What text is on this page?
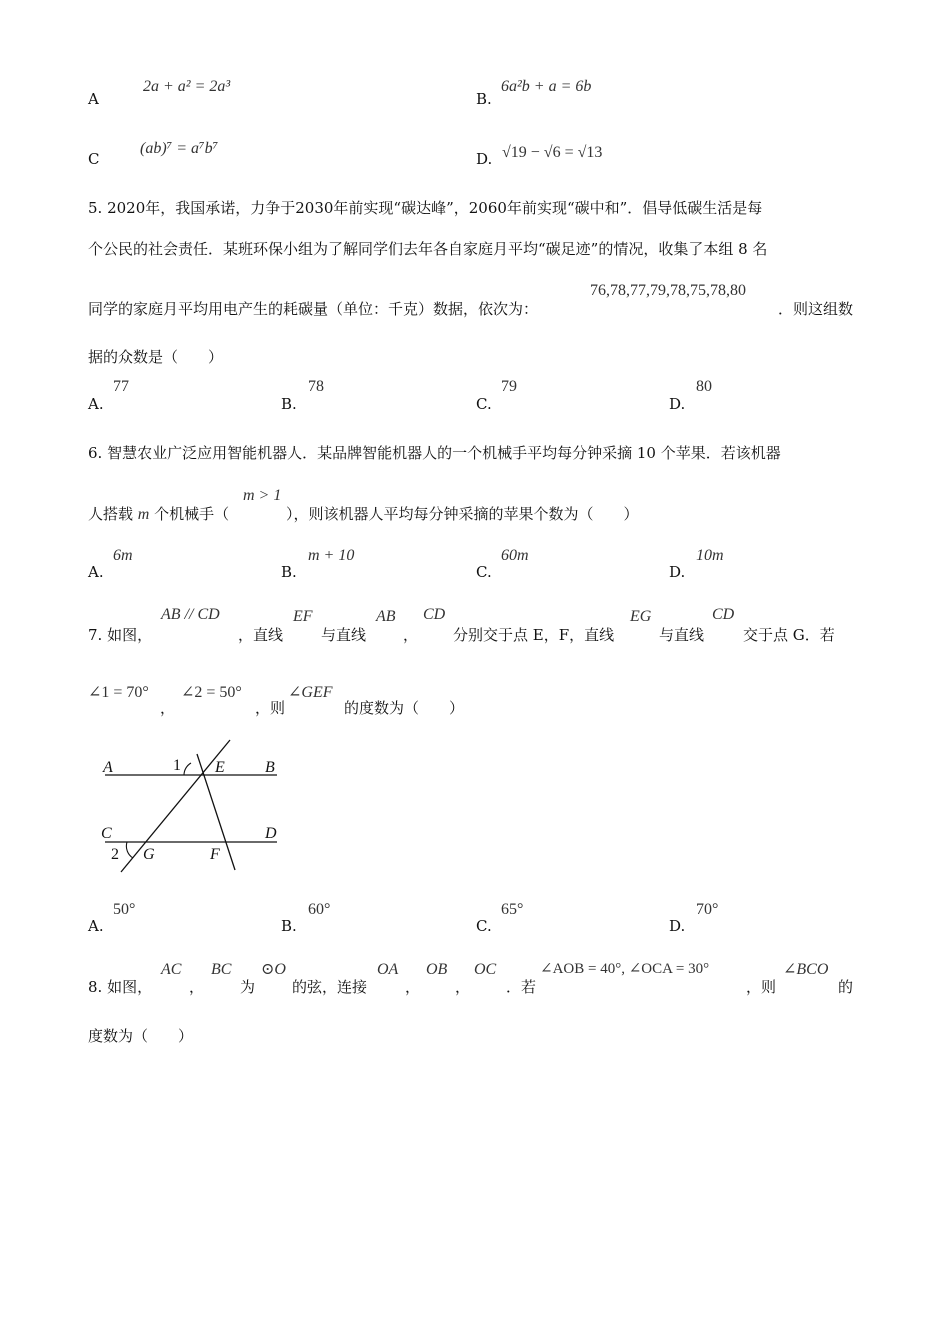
A
2a + a² = 2a³
B.
6a²b + a = 6b
C
(ab)⁷ = a⁷b⁷
D. √19 − √6 = √13
5. 2020年，我国承诺，力争于2030年前实现“碳达峰”，2060年前实现“碳中和”．倡导低碳生活是每
个公民的社会责任．某班环保小组为了解同学们去年各自家庭月平均“碳足迹”的情况，收集了本组 8 名
同学的家庭月平均用电产生的耗碳量（单位：千克）数据，依次为：
76,78,77,79,78,75,78,80
．则这组数
据的众数是（　　）
A.
77
B.
78
C.
79
D.
80
6. 智慧农业广泛应用智能机器人．某品牌智能机器人的一个机械手平均每分钟采摘 10 个苹果．若该机器
人搭载 m 个机械手（
m > 1
），则该机器人平均每分钟采摘的苹果个数为（　　）
A.
6m
B.
m + 10
C.
60m
D.
10m
7. 如图，
AB // CD
，直线
EF
与直线
AB
，
CD
分别交于点 E，F，直线
EG
与直线
CD
交于点 G．若
∠1 = 70°
，
∠2 = 50°
，则
∠GEF
的度数为（　　）
A	B
C	D
E
F
G
1
2
A.
50°
B.
60°
C.
65°
D.
70°
8. 如图，
AC
，
BC
为
⊙O
的弦，连接
OA
，
OB
，
OC
．若
∠AOB = 40°, ∠OCA = 30°
，则
∠BCO
的
度数为（　　）
